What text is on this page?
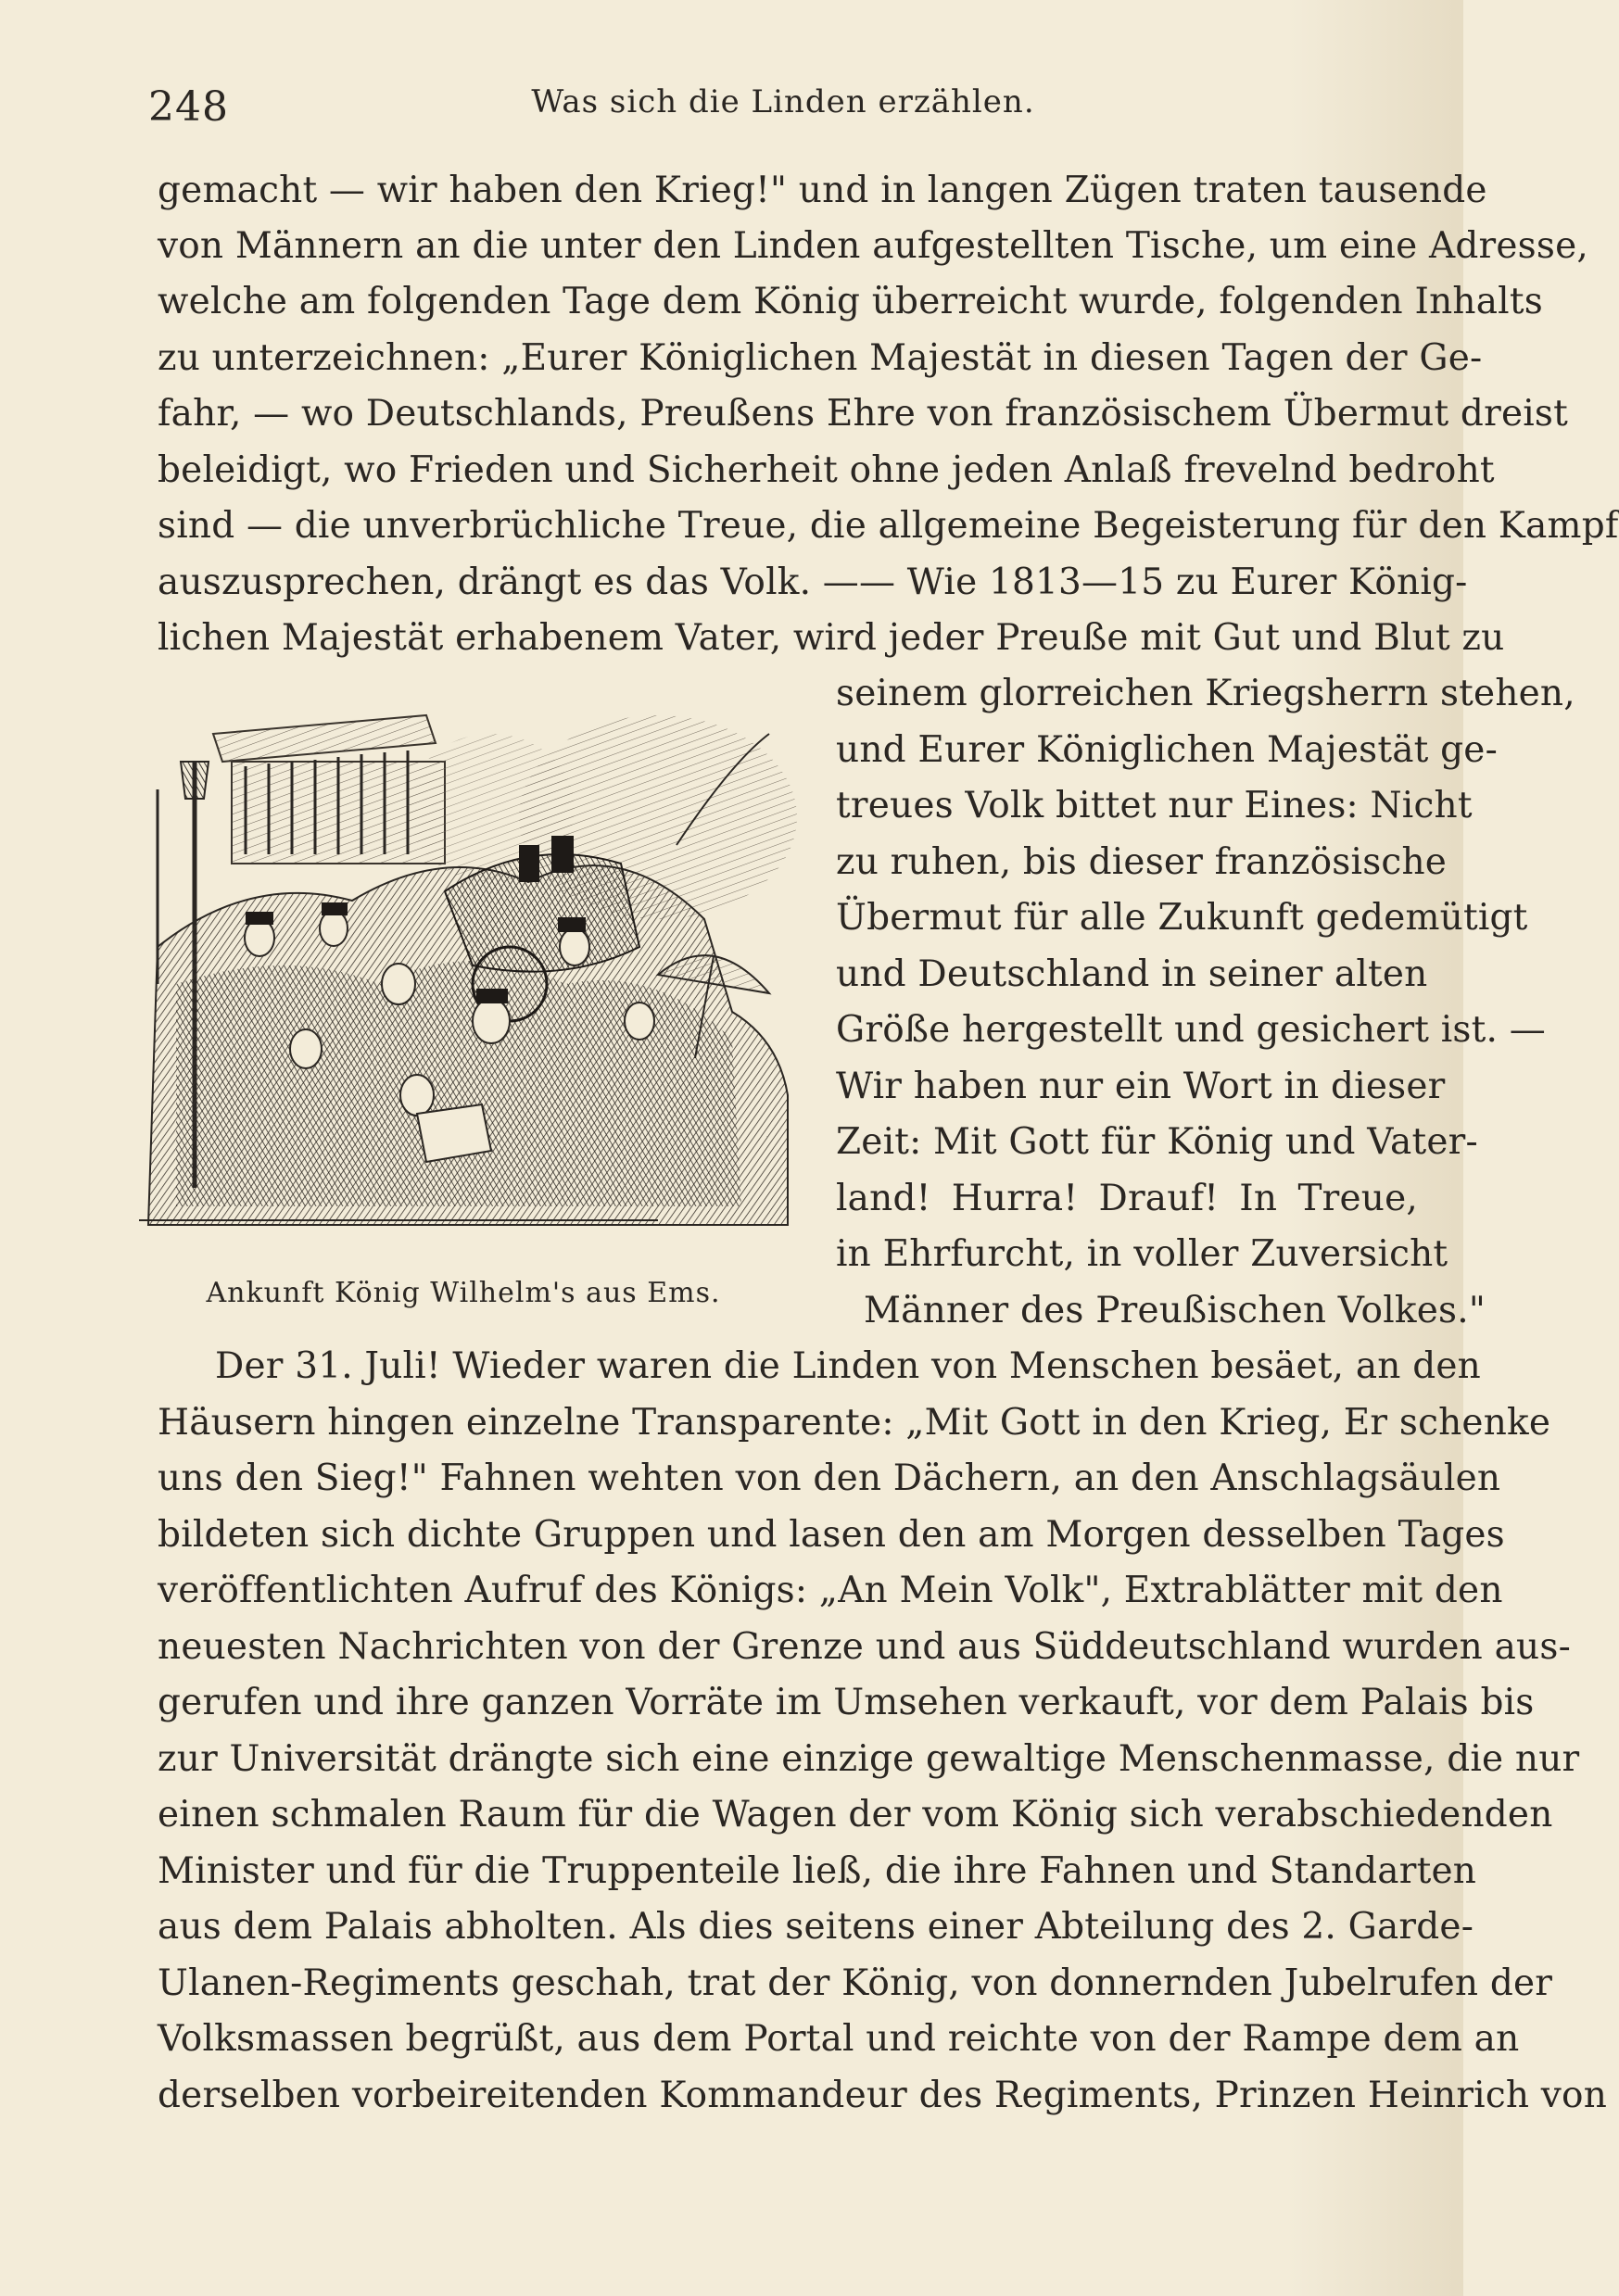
248	Was sich die Linden erzählen.
gemacht — wir haben den Krieg!" und in langen Zügen traten tausende
von Männern an die unter den Linden aufgestellten Tische, um eine Adresse,
welche am folgenden Tage dem König überreicht wurde, folgenden Inhalts
zu unterzeichnen: „Eurer Königlichen Majestät in diesen Tagen der Ge-
fahr, — wo Deutschlands, Preußens Ehre von französischem Übermut dreist
beleidigt, wo Frieden und Sicherheit ohne jeden Anlaß frevelnd bedroht
sind — die unverbrüchliche Treue, die allgemeine Begeisterung für den Kampf
auszusprechen, drängt es das Volk. —— Wie 1813—15 zu Eurer König-
lichen Majestät erhabenem Vater, wird jeder Preuße mit Gut und Blut zu
Ankunft König Wilhelm's aus Ems.
seinem glorreichen Kriegsherrn stehen,
und Eurer Königlichen Majestät ge-
treues Volk bittet nur Eines: Nicht
zu ruhen, bis dieser französische
Übermut für alle Zukunft gedemütigt
und Deutschland in seiner alten
Größe hergestellt und gesichert ist. —
Wir haben nur ein Wort in dieser
Zeit: Mit Gott für König und Vater-
land! Hurra! Drauf! In Treue,
in Ehrfurcht, in voller Zuversicht
Männer des Preußischen Volkes."
Der 31. Juli! Wieder waren die Linden von Menschen besäet, an den
Häusern hingen einzelne Transparente: „Mit Gott in den Krieg, Er schenke
uns den Sieg!" Fahnen wehten von den Dächern, an den Anschlagsäulen
bildeten sich dichte Gruppen und lasen den am Morgen desselben Tages
veröffentlichten Aufruf des Königs: „An Mein Volk", Extrablätter mit den
neuesten Nachrichten von der Grenze und aus Süddeutschland wurden aus-
gerufen und ihre ganzen Vorräte im Umsehen verkauft, vor dem Palais bis
zur Universität drängte sich eine einzige gewaltige Menschenmasse, die nur
einen schmalen Raum für die Wagen der vom König sich verabschiedenden
Minister und für die Truppenteile ließ, die ihre Fahnen und Standarten
aus dem Palais abholten. Als dies seitens einer Abteilung des 2. Garde-
Ulanen-Regiments geschah, trat der König, von donnernden Jubelrufen der
Volksmassen begrüßt, aus dem Portal und reichte von der Rampe dem an
derselben vorbeireitenden Kommandeur des Regiments, Prinzen Heinrich von
